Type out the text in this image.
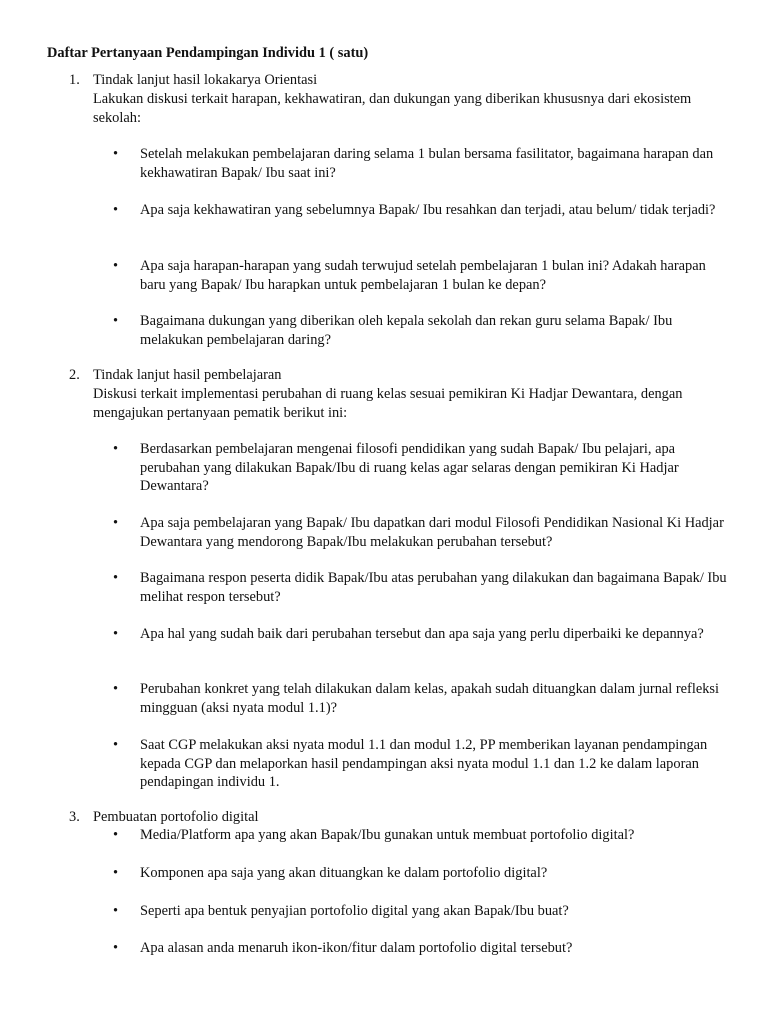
Daftar Pertanyaan Pendampingan Individu 1 ( satu)
1. Tindak lanjut hasil lokakarya Orientasi
Lakukan diskusi terkait harapan, kekhawatiran, dan dukungan yang diberikan khususnya dari ekosistem sekolah:
• Setelah melakukan pembelajaran daring selama 1 bulan bersama fasilitator, bagaimana harapan dan kekhawatiran Bapak/ Ibu saat ini?
• Apa saja kekhawatiran yang sebelumnya Bapak/ Ibu resahkan dan terjadi, atau belum/ tidak terjadi?
• Apa saja harapan-harapan yang sudah terwujud setelah pembelajaran 1 bulan ini? Adakah harapan baru yang Bapak/ Ibu harapkan untuk pembelajaran 1 bulan ke depan?
• Bagaimana dukungan yang diberikan oleh kepala sekolah dan rekan guru selama Bapak/ Ibu melakukan pembelajaran daring?
2. Tindak lanjut hasil pembelajaran
Diskusi terkait implementasi perubahan di ruang kelas sesuai pemikiran Ki Hadjar Dewantara, dengan mengajukan pertanyaan pematik berikut ini:
• Berdasarkan pembelajaran mengenai filosofi pendidikan yang sudah Bapak/ Ibu pelajari, apa perubahan yang dilakukan Bapak/Ibu di ruang kelas agar selaras dengan pemikiran Ki Hadjar Dewantara?
• Apa saja pembelajaran yang Bapak/ Ibu dapatkan dari modul Filosofi Pendidikan Nasional Ki Hadjar Dewantara yang mendorong Bapak/Ibu melakukan perubahan tersebut?
• Bagaimana respon peserta didik Bapak/Ibu atas perubahan yang dilakukan dan bagaimana Bapak/ Ibu melihat respon tersebut?
• Apa hal yang sudah baik dari perubahan tersebut dan apa saja yang perlu diperbaiki ke depannya?
• Perubahan konkret yang telah dilakukan dalam kelas, apakah sudah dituangkan dalam jurnal refleksi mingguan (aksi nyata modul 1.1)?
• Saat CGP melakukan aksi nyata modul 1.1 dan modul 1.2, PP memberikan layanan pendampingan kepada CGP dan melaporkan hasil pendampingan aksi nyata modul 1.1 dan 1.2 ke dalam laporan pendapingan individu 1.
3. Pembuatan portofolio digital
• Media/Platform apa yang akan Bapak/Ibu gunakan untuk membuat portofolio digital?
• Komponen apa saja yang akan dituangkan ke dalam portofolio digital?
• Seperti apa bentuk penyajian portofolio digital yang akan Bapak/Ibu buat?
• Apa alasan anda menaruh ikon-ikon/fitur dalam portofolio digital tersebut?
